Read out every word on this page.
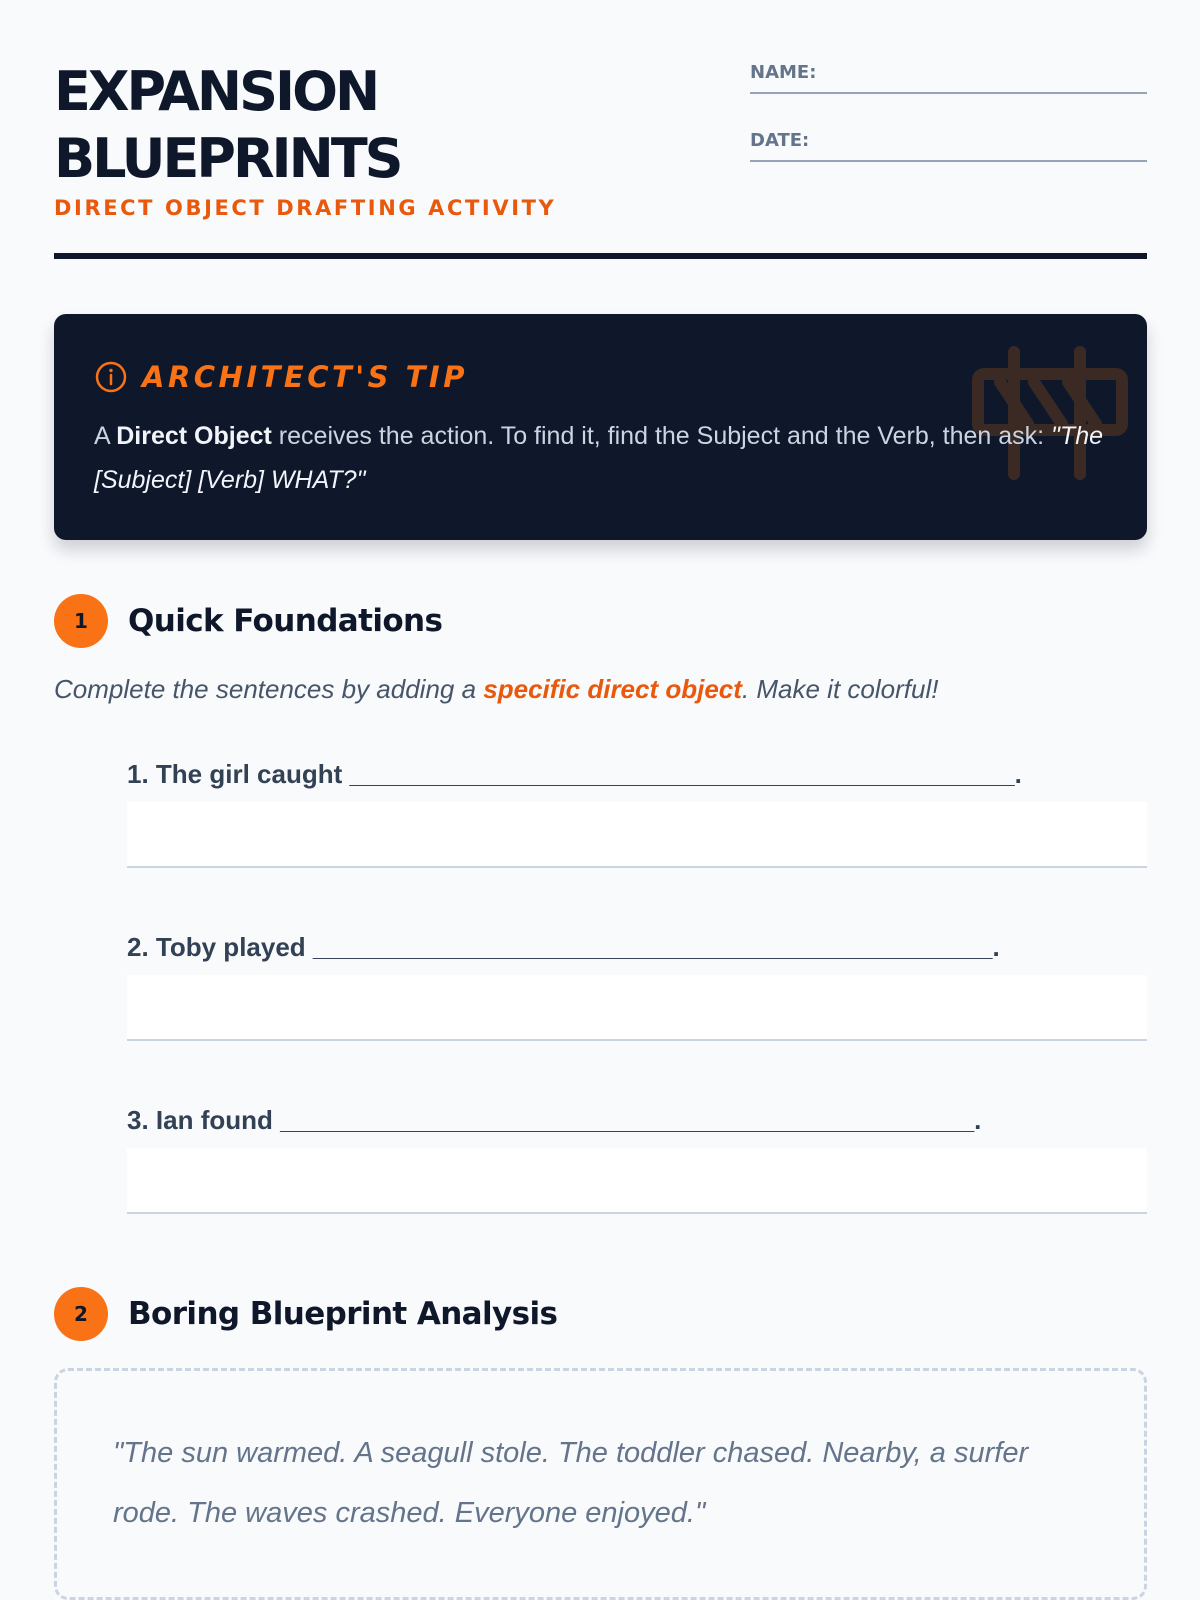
EXPANSION
BLUEPRINTS
DIRECT OBJECT DRAFTING ACTIVITY
NAME:
DATE:
ARCHITECT'S TIP
A Direct Object receives the action. To find it, find the Subject and the Verb, then ask: "The [Subject] [Verb] WHAT?"
1	Quick Foundations
Complete the sentences by adding a specific direct object. Make it colorful!
1. The girl caught ______________________________________________.
2. Toby played _______________________________________________.
3. Ian found ________________________________________________.
2	Boring Blueprint Analysis
"The sun warmed. A seagull stole. The toddler chased. Nearby, a surfer rode. The waves crashed. Everyone enjoyed."
